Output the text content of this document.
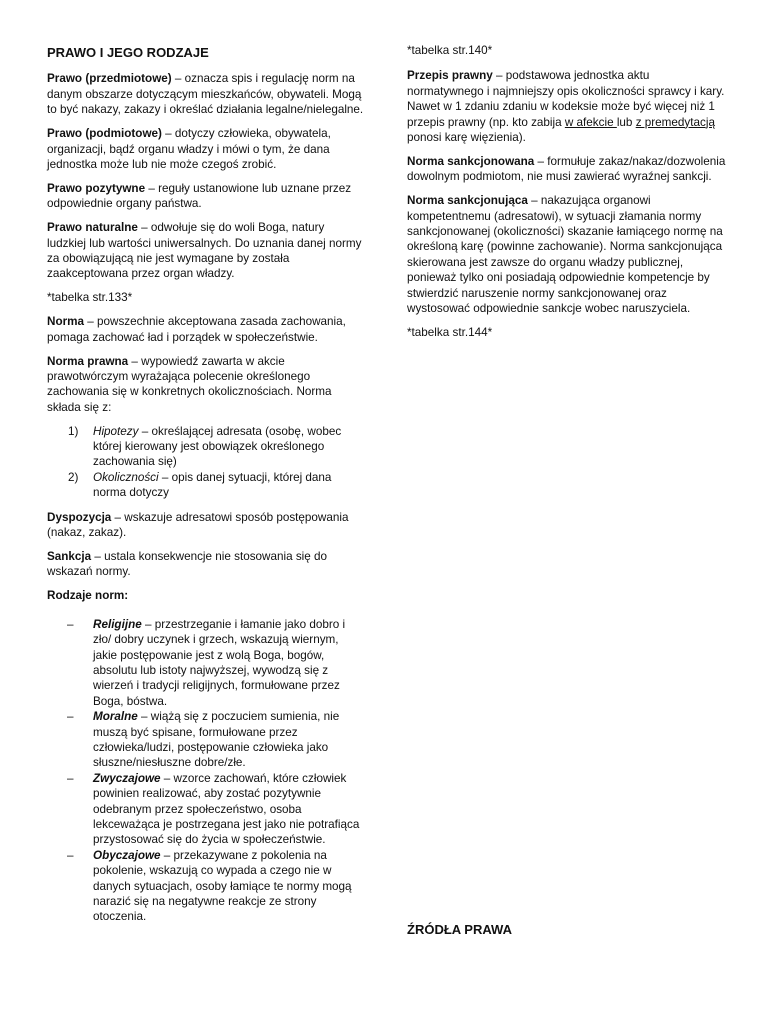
PRAWO I JEGO RODZAJE

Prawo (przedmiotowe) – oznacza spis i regulację norm na danym obszarze dotyczącym mieszkańców, obywateli. Mogą to być nakazy, zakazy i określać działania legalne/nielegalne.

Prawo (podmiotowe) – dotyczy człowieka, obywatela, organizacji, bądź organu władzy i mówi o tym, że dana jednostka może lub nie może czegoś zrobić.

Prawo pozytywne – reguły ustanowione lub uznane przez odpowiednie organy państwa.

Prawo naturalne – odwołuje się do woli Boga, natury ludzkiej lub wartości uniwersalnych. Do uznania danej normy za obowiązującą nie jest wymagane by została zaakceptowana przez organ władzy.

*tabelka str.133*

Norma – powszechnie akceptowana zasada zachowania, pomaga zachować ład i porządek w społeczeństwie.

Norma prawna – wypowiedź zawarta w akcie prawotwórczym wyrażająca polecenie określonego zachowania się w konkretnych okolicznościach. Norma składa się z:

1) Hipotezy – określającej adresata (osobę, wobec której kierowany jest obowiązek określonego zachowania się)
2) Okoliczności – opis danej sytuacji, której dana norma dotyczy

Dyspozycja – wskazuje adresatowi sposób postępowania (nakaz, zakaz).

Sankcja – ustala konsekwencje nie stosowania się do wskazań normy.

Rodzaje norm:

– Religijne – przestrzeganie i łamanie jako dobro i zło/ dobry uczynek i grzech, wskazują wiernym, jakie postępowanie jest z wolą Boga, bogów, absolutu lub istoty najwyższej, wywodzą się z wierzeń i tradycji religijnych, formułowane przez Boga, bóstwa.
– Moralne – wiążą się z poczuciem sumienia, nie muszą być spisane, formułowane przez człowieka/ludzi, postępowanie człowieka jako słuszne/niesłuszne dobre/złe.
– Zwyczajowe – wzorce zachowań, które człowiek powinien realizować, aby zostać pozytywnie odebranym przez społeczeństwo, osoba lekceważąca je postrzegana jest jako nie potrafiąca przystosować się do życia w społeczeństwie.
– Obyczajowe – przekazywane z pokolenia na pokolenie, wskazują co wypada a czego nie w danych sytuacjach, osoby łamiące te normy mogą narazić się na negatywne reakcje ze strony otoczenia.

*tabelka str.140*

Przepis prawny – podstawowa jednostka aktu normatywnego i najmniejszy opis okoliczności sprawcy i kary. Nawet w 1 zdaniu zdaniu w kodeksie może być więcej niż 1 przepis prawny (np. kto zabija w afekcie lub z premedytacją ponosi karę więzienia).

Norma sankcjonowana – formułuje zakaz/nakaz/dozwolenia dowolnym podmiotom, nie musi zawierać wyraźnej sankcji.

Norma sankcjonująca – nakazująca organowi kompetentnemu (adresatowi), w sytuacji złamania normy sankcjonowanej (okoliczności) skazanie łamiącego normę na określoną karę (powinne zachowanie). Norma sankcjonująca skierowana jest zawsze do organu władzy publicznej, ponieważ tylko oni posiadają odpowiednie kompetencje by stwierdzić naruszenie normy sankcjonowanej oraz wystosować odpowiednie sankcje wobec naruszyciela.

*tabelka str.144*

ŹRÓDŁA PRAWA
